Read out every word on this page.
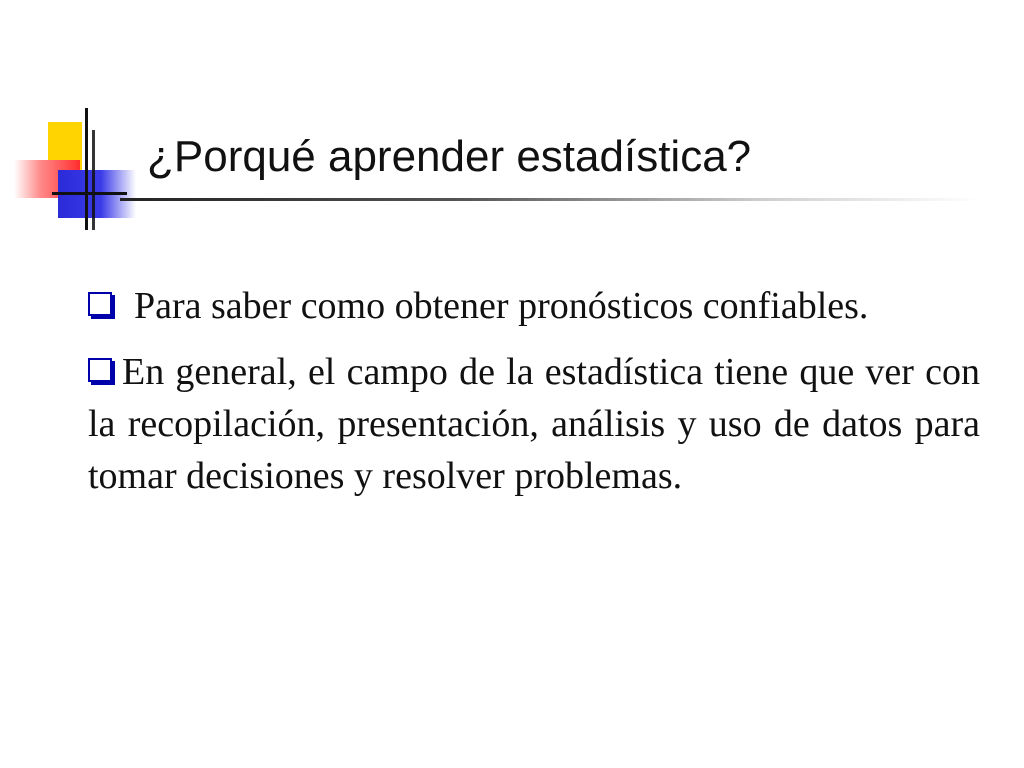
¿Porqué aprender estadística?

Para saber como obtener pronósticos confiables.

En general, el campo de la estadística tiene que ver con la recopilación, presentación, análisis y uso de datos para tomar decisiones y resolver problemas.
